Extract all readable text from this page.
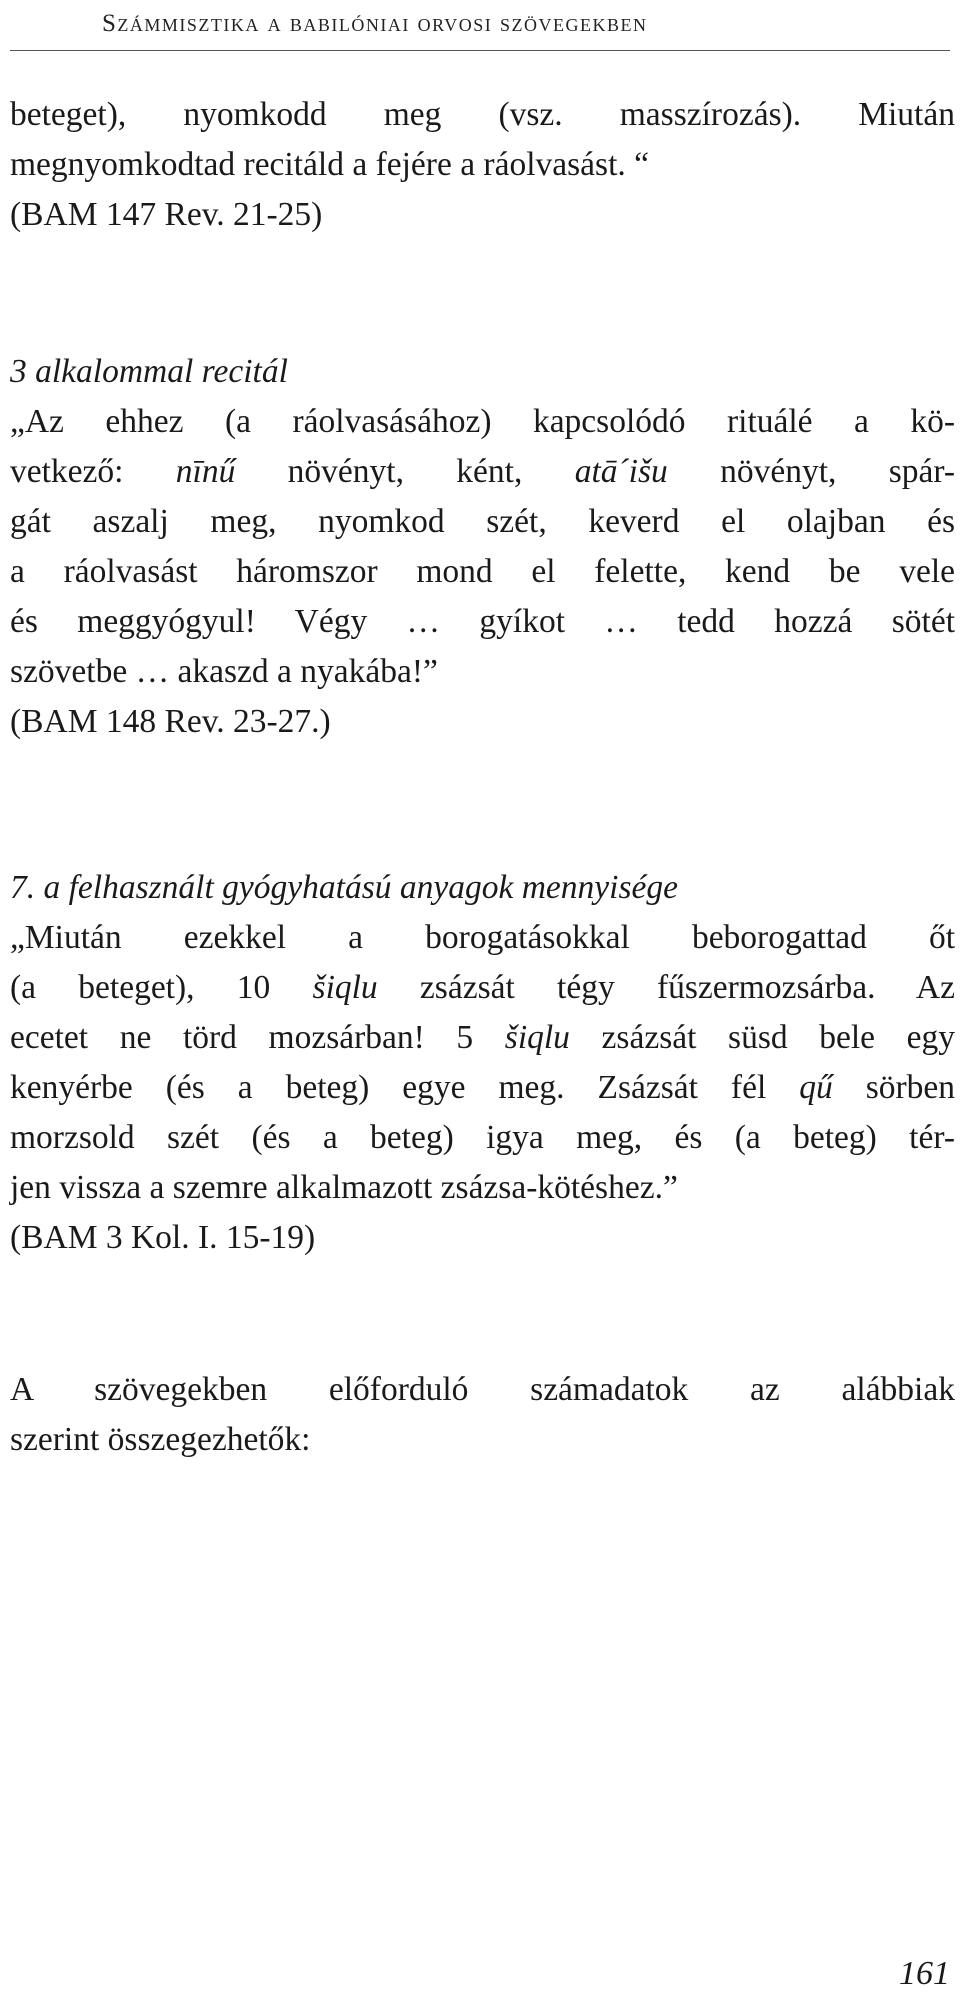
Számmisztika a babilóniai orvosi szövegekben
beteget), nyomkodd meg (vsz. masszírozás). Miután
megnyomkodtad recitáld a fejére a ráolvasást. “
(BAM 147 Rev. 21-25)
3 alkalommal recitál
„Az ehhez (a ráolvasásához) kapcsolódó rituálé a kö-
vetkező: nīnű növényt, ként, atā´išu növényt, spár-
gát aszalj meg, nyomkod szét, keverd el olajban és
a ráolvasást háromszor mond el felette, kend be vele
és meggyógyul! Végy … gyíkot … tedd hozzá sötét
szövetbe … akaszd a nyakába!”
(BAM 148 Rev. 23-27.)
7. a felhasznált gyógyhatású anyagok mennyisége
„Miután ezekkel a borogatásokkal beborogattad őt
(a beteget), 10 šiqlu zsázsát tégy fűszermozsárba. Az
ecetet ne törd mozsárban! 5 šiqlu zsázsát süsd bele egy
kenyérbe (és a beteg) egye meg. Zsázsát fél qű sörben
morzsold szét (és a beteg) igya meg, és (a beteg) tér-
jen vissza a szemre alkalmazott zsázsa-kötéshez.”
(BAM 3 Kol. I. 15-19)
A szövegekben előforduló számadatok az alábbiak
szerint összegezhetők:
161
